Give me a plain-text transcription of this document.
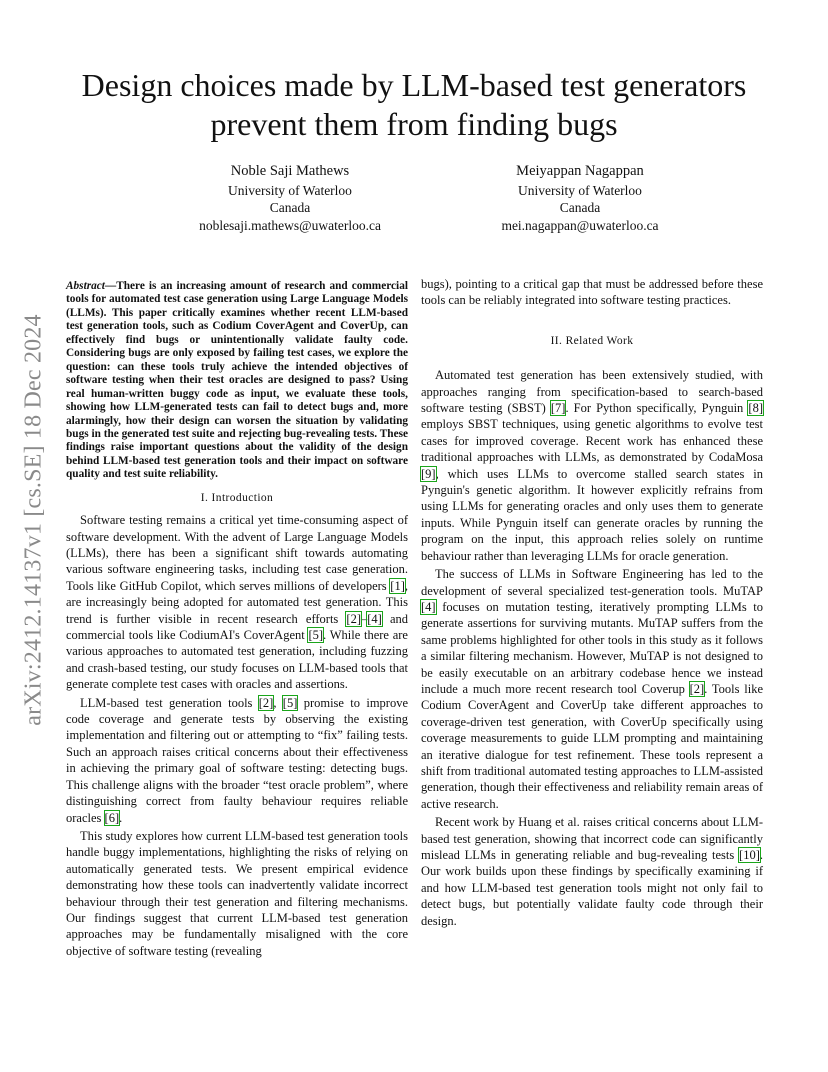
arXiv:2412.14137v1 [cs.SE] 18 Dec 2024
Design choices made by LLM-based test generators
prevent them from finding bugs
Noble Saji Mathews
University of Waterloo
Canada
noblesaji.mathews@uwaterloo.ca
Meiyappan Nagappan
University of Waterloo
Canada
mei.nagappan@uwaterloo.ca

Abstract—There is an increasing amount of research and commercial tools for automated test case generation using Large Language Models (LLMs). This paper critically examines whether recent LLM-based test generation tools, such as Codium CoverAgent and CoverUp, can effectively find bugs or unintentionally validate faulty code. Considering bugs are only exposed by failing test cases, we explore the question: can these tools truly achieve the intended objectives of software testing when their test oracles are designed to pass? Using real human-written buggy code as input, we evaluate these tools, showing how LLM-generated tests can fail to detect bugs and, more alarmingly, how their design can worsen the situation by validating bugs in the generated test suite and rejecting bug-revealing tests. These findings raise important questions about the validity of the design behind LLM-based test generation tools and their impact on software quality and test suite reliability.

I. Introduction

Software testing remains a critical yet time-consuming aspect of software development. With the advent of Large Language Models (LLMs), there has been a significant shift towards automating various software engineering tasks, including test case generation. Tools like GitHub Copilot, which serves millions of developers [ 1 ] , are increasingly being adopted for automated test generation. This trend is further visible in recent research efforts [ 2 ] –[ 4 ] and commercial tools like CodiumAI's CoverAgent [ 5 ] . While there are various approaches to automated test generation, including fuzzing and crash-based testing, our study focuses on LLM-based tools that generate complete test cases with oracles and assertions.

LLM-based test generation tools [ 2 ] , [ 5 ] promise to improve code coverage and generate tests by observing the existing implementation and filtering out or attempting to “fix” failing tests. Such an approach raises critical concerns about their effectiveness in achieving the primary goal of software testing: detecting bugs. This challenge aligns with the broader “test oracle problem”, where distinguishing correct from faulty behaviour requires reliable oracles [ 6 ] .

This study explores how current LLM-based test generation tools handle buggy implementations, highlighting the risks of relying on automatically generated tests. We present empirical evidence demonstrating how these tools can inadvertently validate incorrect behaviour through their test generation and filtering mechanisms. Our findings suggest that current LLM-based test generation approaches may be fundamentally misaligned with the core objective of software testing (revealing

bugs), pointing to a critical gap that must be addressed before these tools can be reliably integrated into software testing practices.

II. Related Work

Automated test generation has been extensively studied, with approaches ranging from specification-based to search-based software testing (SBST) [ 7 ] . For Python specifically, Pynguin [ 8 ] employs SBST techniques, using genetic algorithms to evolve test cases for improved coverage. Recent work has enhanced these traditional approaches with LLMs, as demonstrated by CodaMosa [ 9 ] , which uses LLMs to overcome stalled search states in Pynguin's genetic algorithm. It however explicitly refrains from using LLMs for generating oracles and only uses them to generate inputs. While Pynguin itself can generate oracles by running the program on the input, this approach relies solely on runtime behaviour rather than leveraging LLMs for oracle generation.

The success of LLMs in Software Engineering has led to the development of several specialized test-generation tools. MuTAP [ 4 ] focuses on mutation testing, iteratively prompting LLMs to generate assertions for surviving mutants. MuTAP suffers from the same problems highlighted for other tools in this study as it follows a similar filtering mechanism. However, MuTAP is not designed to be easily executable on an arbitrary codebase hence we instead include a much more recent research tool Coverup [ 2 ] . Tools like Codium CoverAgent and CoverUp take different approaches to coverage-driven test generation, with CoverUp specifically using coverage measurements to guide LLM prompting and maintaining an iterative dialogue for test refinement. These tools represent a shift from traditional automated testing approaches to LLM-assisted generation, though their effectiveness and reliability remain areas of active research.

Recent work by Huang et al. raises critical concerns about LLM-based test generation, showing that incorrect code can significantly mislead LLMs in generating reliable and bug-revealing tests [ 10 ] . Our work builds upon these findings by specifically examining if and how LLM-based test generation tools might not only fail to detect bugs, but potentially validate faulty code through their design.
